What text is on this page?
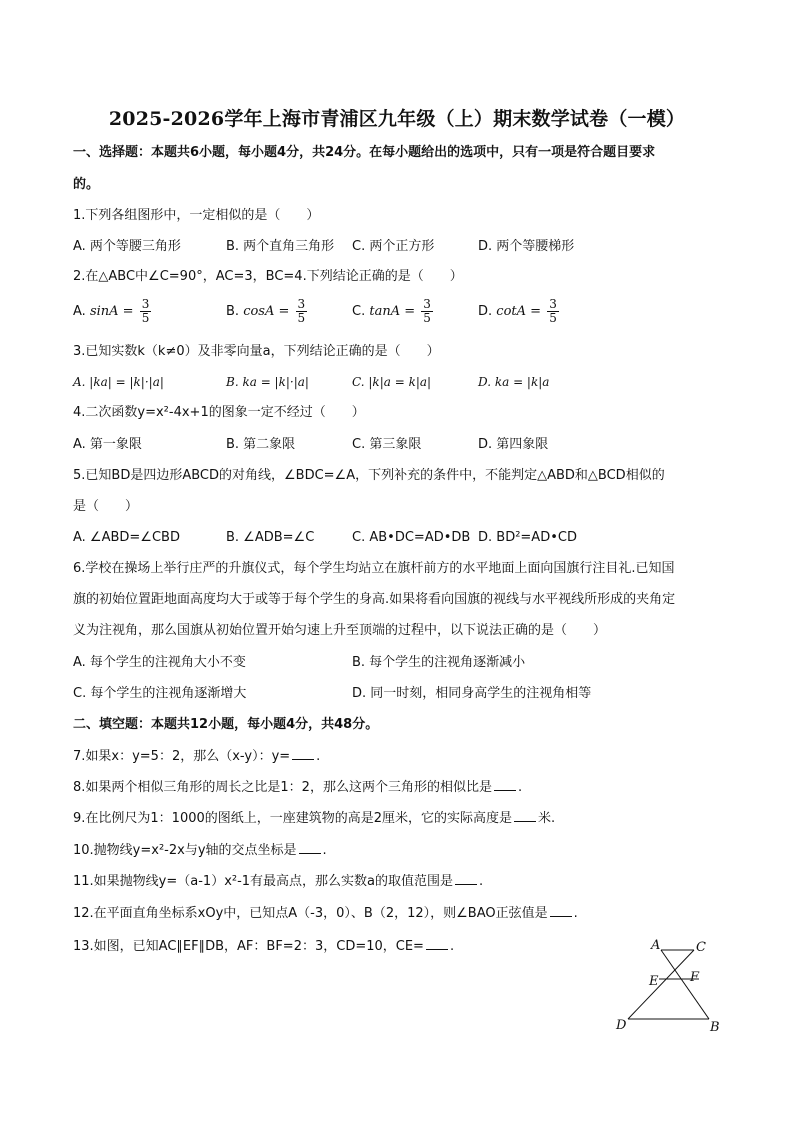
2025-2026学年上海市青浦区九年级（上）期末数学试卷（一模）
一、选择题：本题共6小题，每小题4分，共24分。在每小题给出的选项中，只有一项是符合题目要求
的。
1.下列各组图形中，一定相似的是（　　）
A. 两个等腰三角形	B. 两个直角三角形 C. 两个正方形	D. 两个等腰梯形
2.在△ABC中∠C=90°，AC=3，BC=4.下列结论正确的是（　　）
A. $\sin A = \frac{3}{5}$	B. $\cos A = \frac{3}{5}$	C. $\tan A = \frac{3}{5}$	D. $\cot A = \frac{3}{5}$
3.已知实数k（k≠0）及非零向量a，下列结论正确的是（　　）
A. |ka| = |k|·|a|	B. ka = |k|·|a|	C. |k|a = k|a|	D. ka = |k|a
4.二次函数y=x²-4x+1的图象一定不经过（　　）
A. 第一象限	B. 第二象限	C. 第三象限	D. 第四象限
5.已知BD是四边形ABCD的对角线，∠BDC=∠A，下列补充的条件中，不能判定△ABD和△BCD相似的
是（　　）
A. ∠ABD=∠CBD	B. ∠ADB=∠C	C. AB•DC=AD•DB D. BD²=AD•CD
6.学校在操场上举行庄严的升旗仪式，每个学生均站立在旗杆前方的水平地面上面向国旗行注目礼.已知国
旗的初始位置距地面高度均大于或等于每个学生的身高.如果将看向国旗的视线与水平视线所形成的夹角定
义为注视角，那么国旗从初始位置开始匀速上升至顶端的过程中，以下说法正确的是（　　）
A. 每个学生的注视角大小不变	B. 每个学生的注视角逐渐减小
C. 每个学生的注视角逐渐增大	D. 同一时刻，相同身高学生的注视角相等
二、填空题：本题共12小题，每小题4分，共48分。
7.如果x：y=5：2，那么（x-y）：y= .
8.如果两个相似三角形的周长之比是1：2，那么这两个三角形的相似比是 .
9.在比例尺为1：1000的图纸上，一座建筑物的高是2厘米，它的实际高度是 米.
10.抛物线y=x²-2x与y轴的交点坐标是 .
11.如果抛物线y=（a-1）x²-1有最高点，那么实数a的取值范围是 .
12.在平面直角坐标系xOy中，已知点A（-3，0）、B（2，12），则∠BAO正弦值是 .
13.如图，已知AC∥EF∥DB，AF：BF=2：3，CD=10，CE= .	A	C
E F
D	B
